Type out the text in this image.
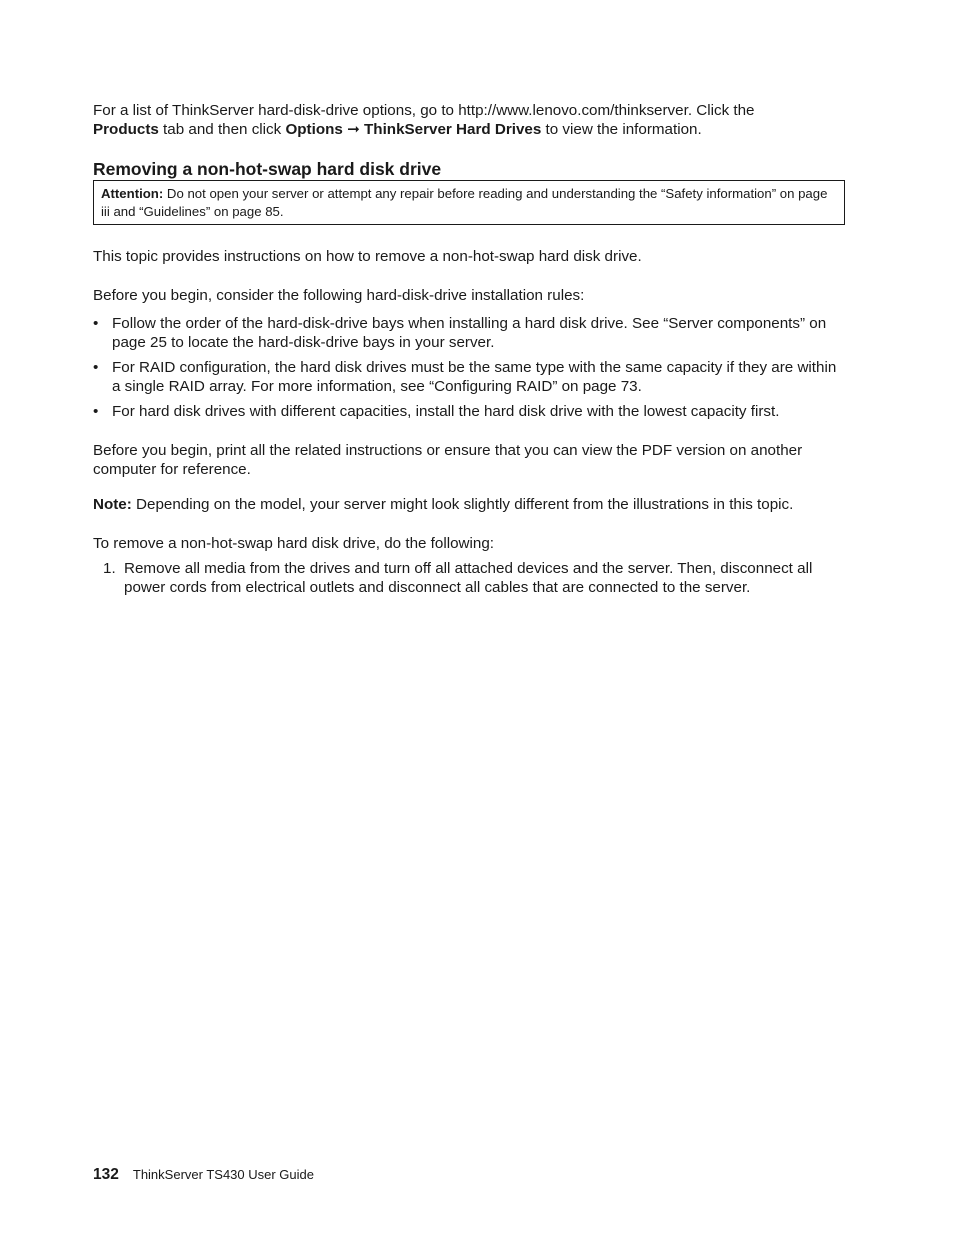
For a list of ThinkServer hard-disk-drive options, go to http://www.lenovo.com/thinkserver. Click the
Products tab and then click Options ➞ ThinkServer Hard Drives to view the information.

Removing a non-hot-swap hard disk drive
Attention: Do not open your server or attempt any repair before reading and understanding the “Safety information” on page iii and “Guidelines” on page 85.

This topic provides instructions on how to remove a non-hot-swap hard disk drive.

Before you begin, consider the following hard-disk-drive installation rules:

• Follow the order of the hard-disk-drive bays when installing a hard disk drive. See “Server components” on page 25 to locate the hard-disk-drive bays in your server.
• For RAID configuration, the hard disk drives must be the same type with the same capacity if they are within a single RAID array. For more information, see “Configuring RAID” on page 73.
• For hard disk drives with different capacities, install the hard disk drive with the lowest capacity first.

Before you begin, print all the related instructions or ensure that you can view the PDF version on another computer for reference.

Note: Depending on the model, your server might look slightly different from the illustrations in this topic.

To remove a non-hot-swap hard disk drive, do the following:

1. Remove all media from the drives and turn off all attached devices and the server. Then, disconnect all power cords from electrical outlets and disconnect all cables that are connected to the server.
132 ThinkServer TS430 User Guide
